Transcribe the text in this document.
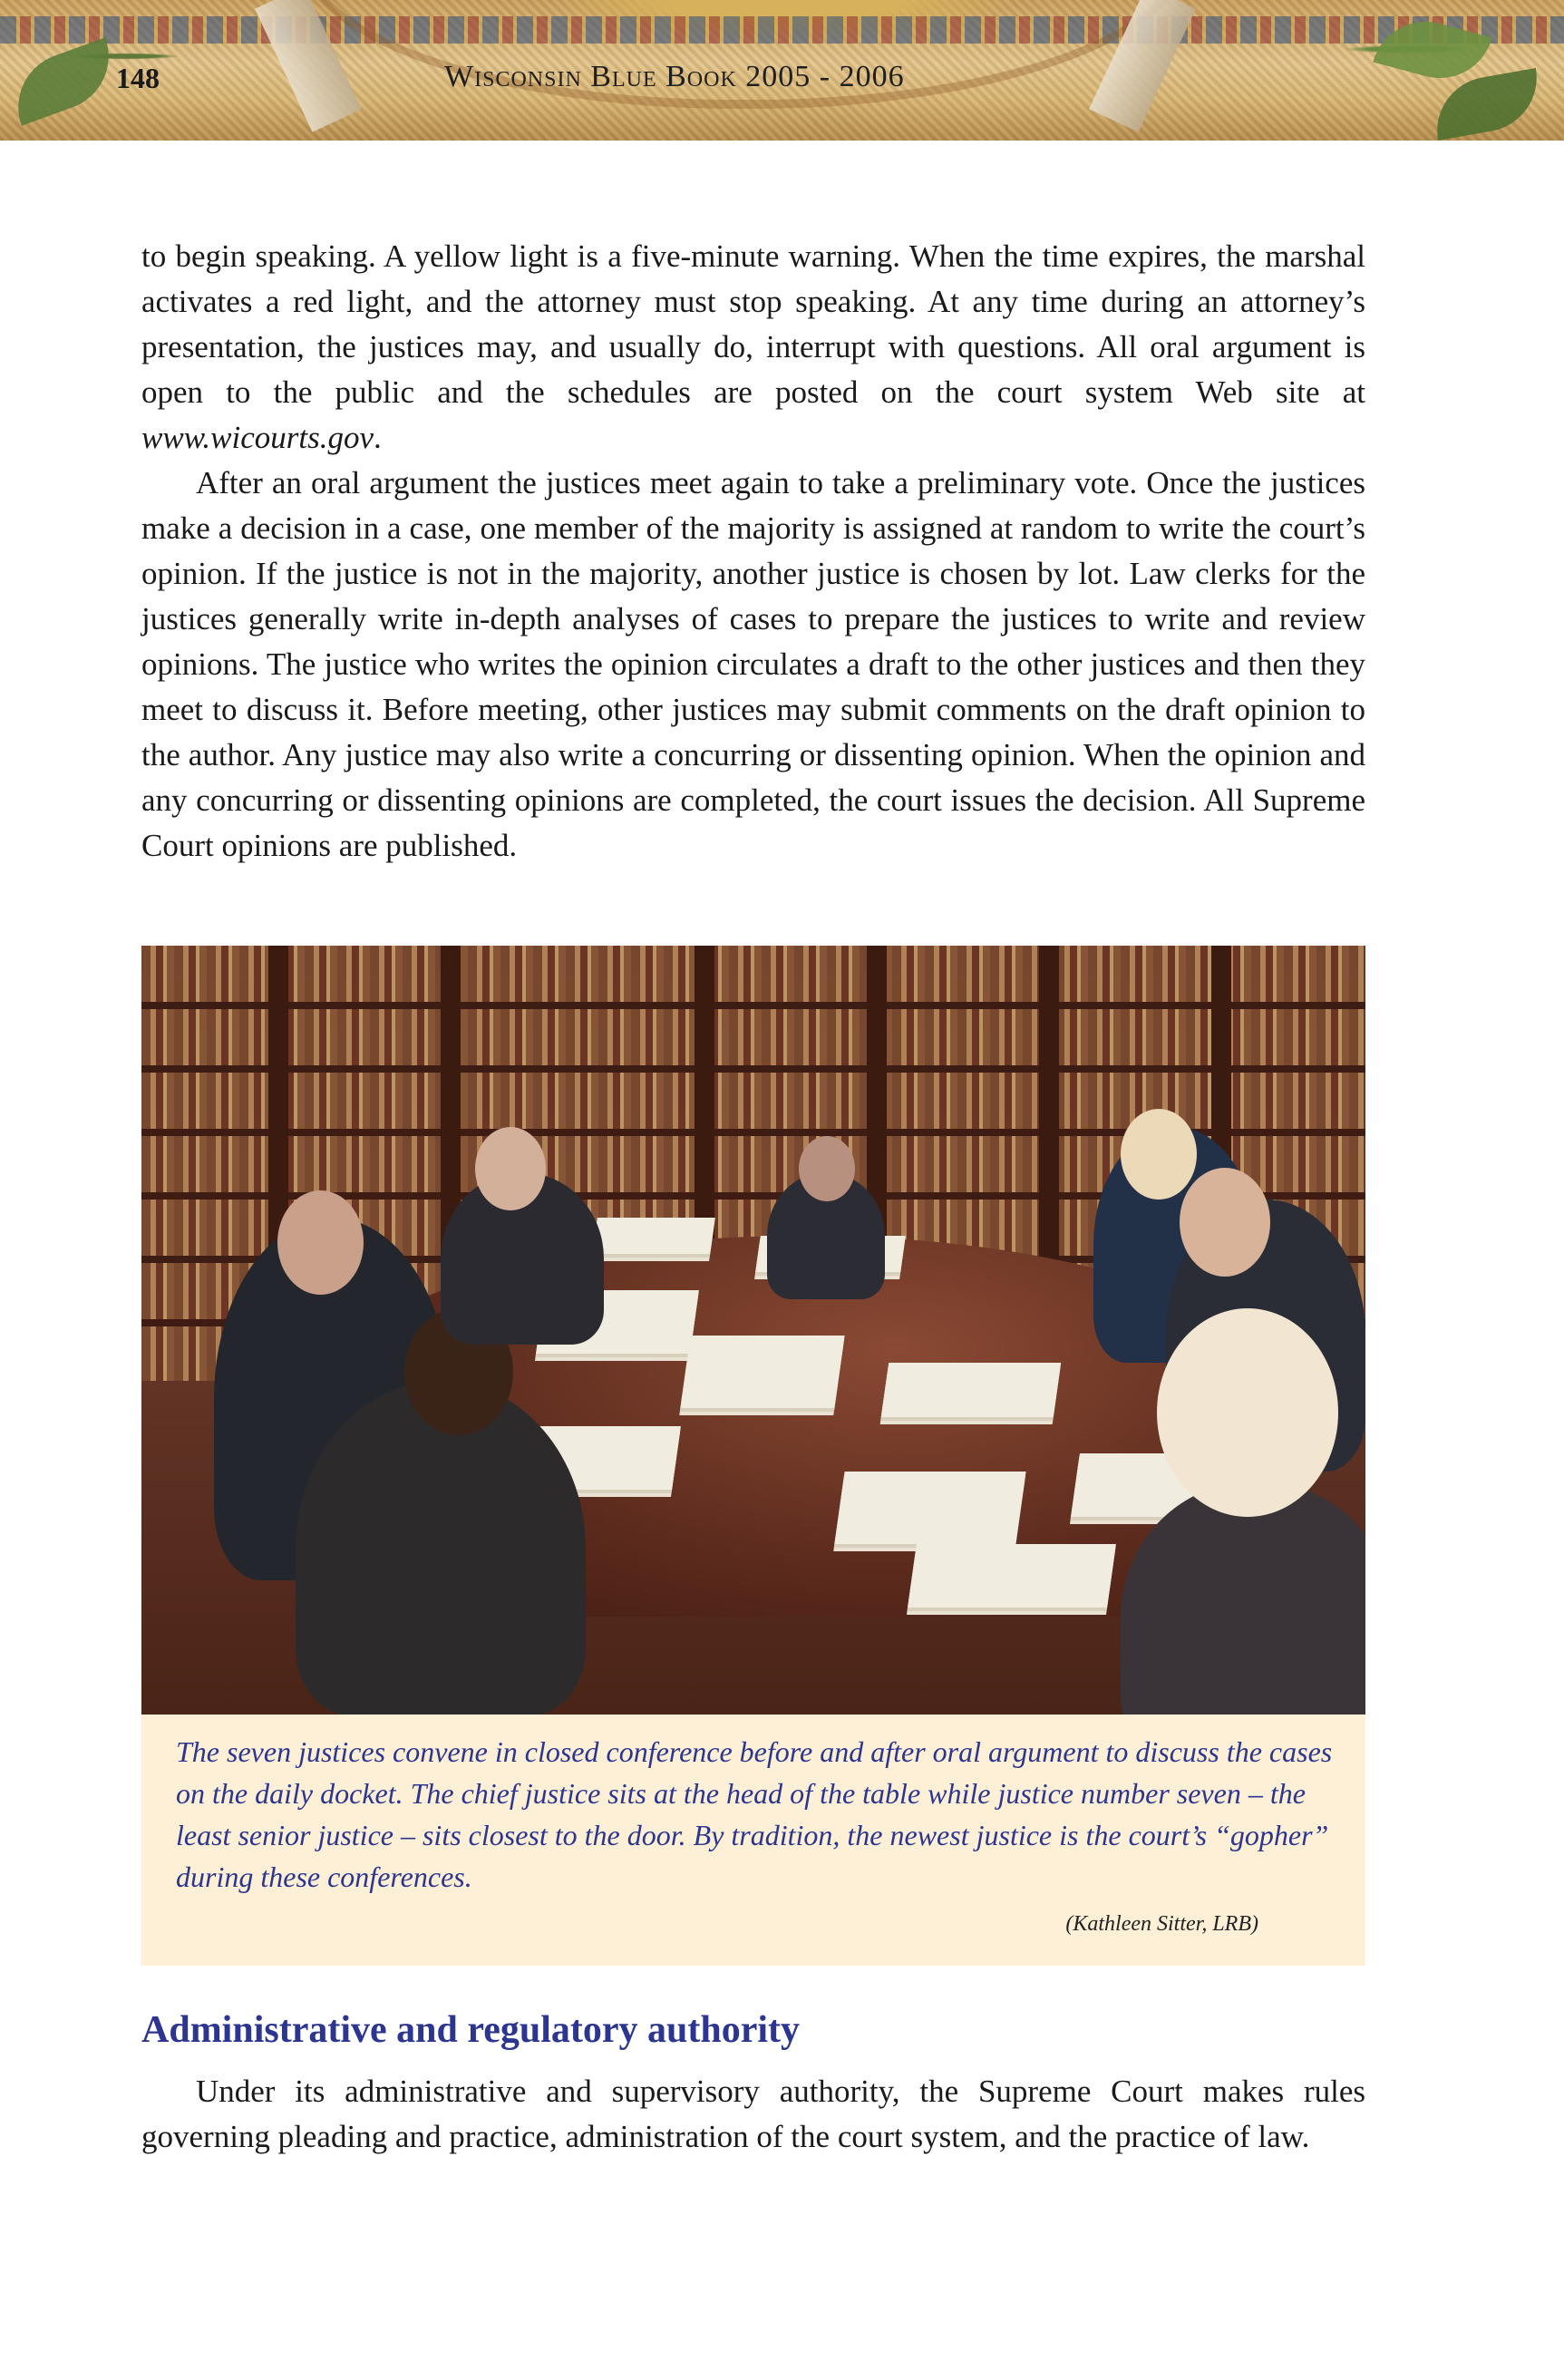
148	Wisconsin Blue Book 2005 - 2006

to begin speaking. A yellow light is a five-minute warning. When the time expires, the marshal activates a red light, and the attorney must stop speaking. At any time during an attorney’s presentation, the justices may, and usually do, interrupt with questions. All oral argument is open to the public and the schedules are posted on the court system Web site at www.wicourts.gov.

After an oral argument the justices meet again to take a preliminary vote. Once the justices make a decision in a case, one member of the majority is assigned at random to write the court’s opinion. If the justice is not in the majority, another justice is chosen by lot. Law clerks for the justices generally write in-depth analyses of cases to prepare the justices to write and review opinions. The justice who writes the opinion circulates a draft to the other justices and then they meet to discuss it. Before meeting, other justices may submit comments on the draft opinion to the author. Any justice may also write a concurring or dissenting opinion. When the opinion and any concurring or dissenting opinions are completed, the court issues the decision. All Supreme Court opinions are published.

The seven justices convene in closed conference before and after oral argument to discuss the cases on the daily docket. The chief justice sits at the head of the table while justice number seven – the least senior justice – sits closest to the door. By tradition, the newest justice is the court’s “gopher” during these conferences.

(Kathleen Sitter, LRB)
Administrative and regulatory authority

Under its administrative and supervisory authority, the Supreme Court makes rules governing pleading and practice, administration of the court system, and the practice of law.
